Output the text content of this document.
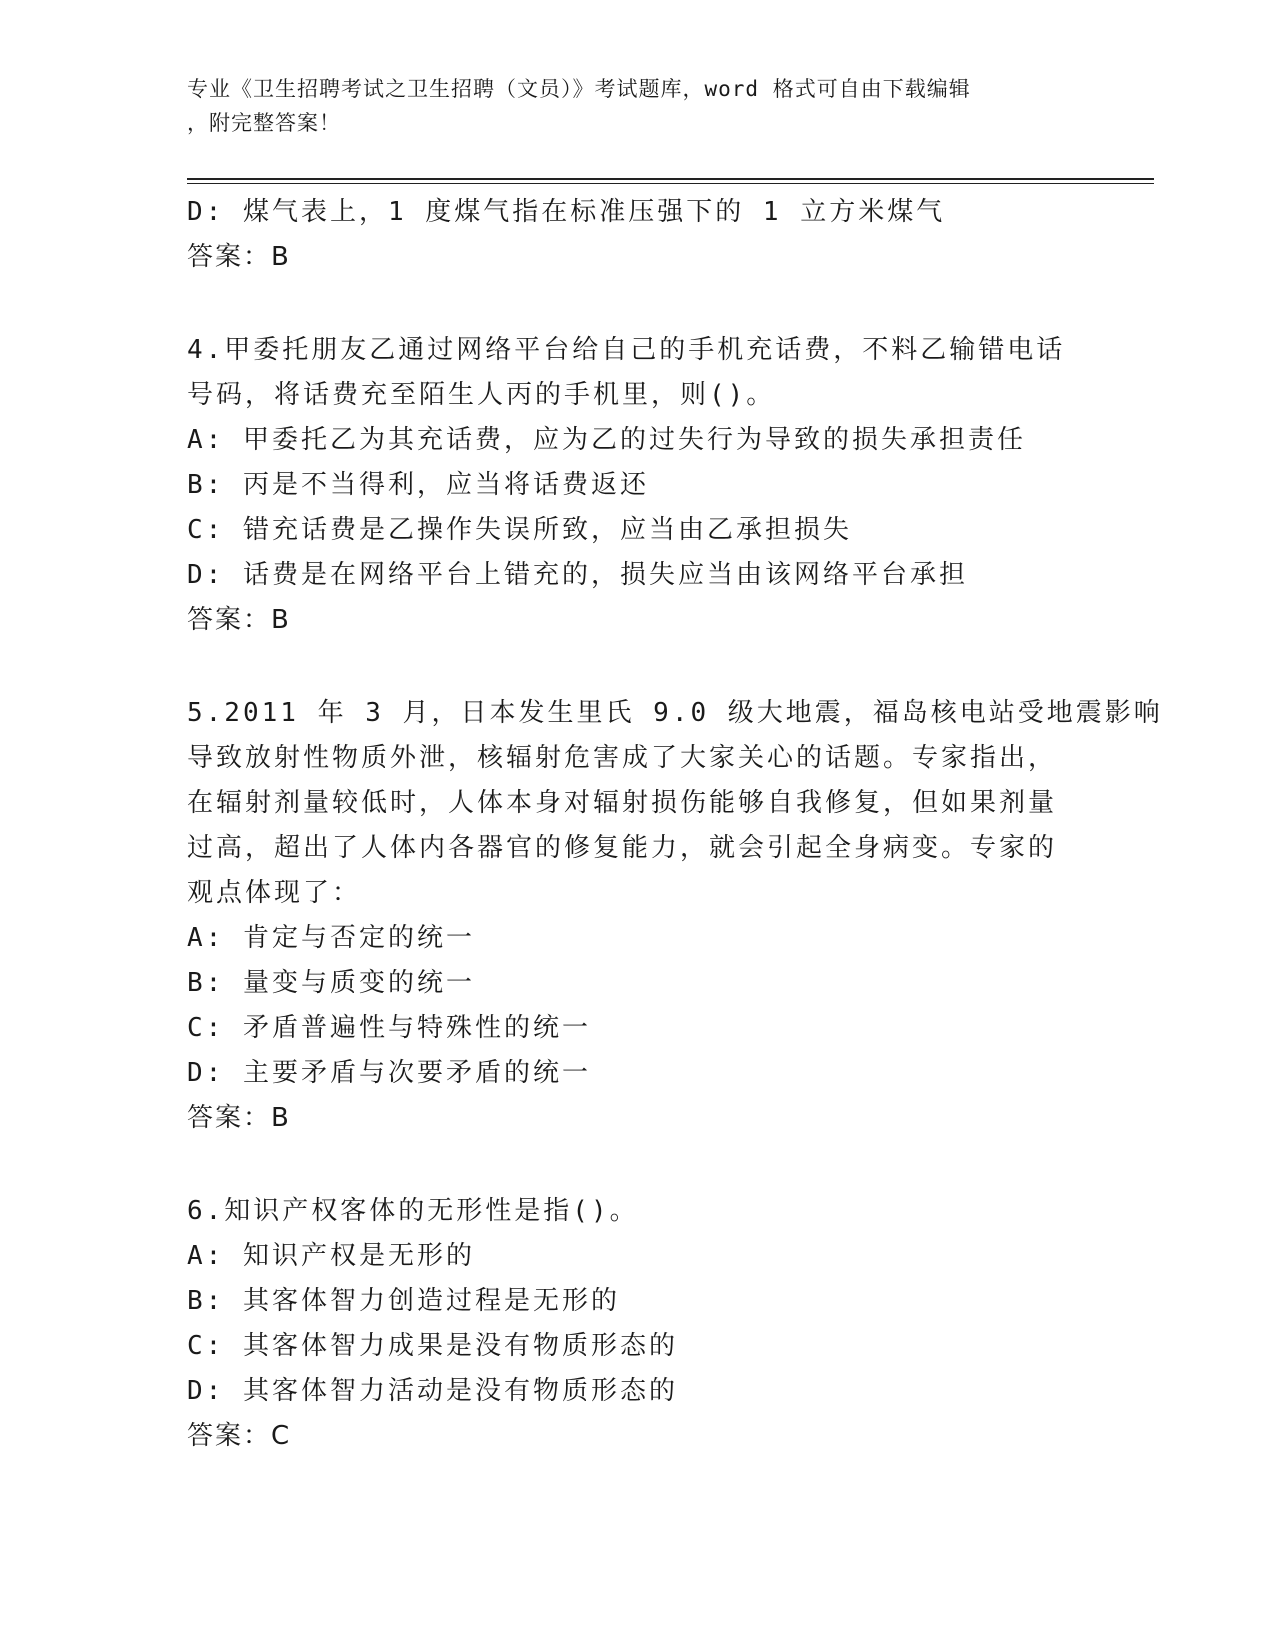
专业《卫生招聘考试之卫生招聘（文员）》考试题库，word 格式可自由下载编辑
，附完整答案！
D: 煤气表上，1 度煤气指在标准压强下的 1 立方米煤气
答案：B
4.甲委托朋友乙通过网络平台给自己的手机充话费，不料乙输错电话
号码，将话费充至陌生人丙的手机里，则()。
A: 甲委托乙为其充话费，应为乙的过失行为导致的损失承担责任
B: 丙是不当得利，应当将话费返还
C: 错充话费是乙操作失误所致，应当由乙承担损失
D: 话费是在网络平台上错充的，损失应当由该网络平台承担
答案：B
5.2011 年 3 月，日本发生里氏 9.0 级大地震，福岛核电站受地震影响
导致放射性物质外泄，核辐射危害成了大家关心的话题。专家指出，
在辐射剂量较低时，人体本身对辐射损伤能够自我修复，但如果剂量
过高，超出了人体内各器官的修复能力，就会引起全身病变。专家的
观点体现了：
A: 肯定与否定的统一
B: 量变与质变的统一
C: 矛盾普遍性与特殊性的统一
D: 主要矛盾与次要矛盾的统一
答案：B
6.知识产权客体的无形性是指()。
A: 知识产权是无形的
B: 其客体智力创造过程是无形的
C: 其客体智力成果是没有物质形态的
D: 其客体智力活动是没有物质形态的
答案：C
